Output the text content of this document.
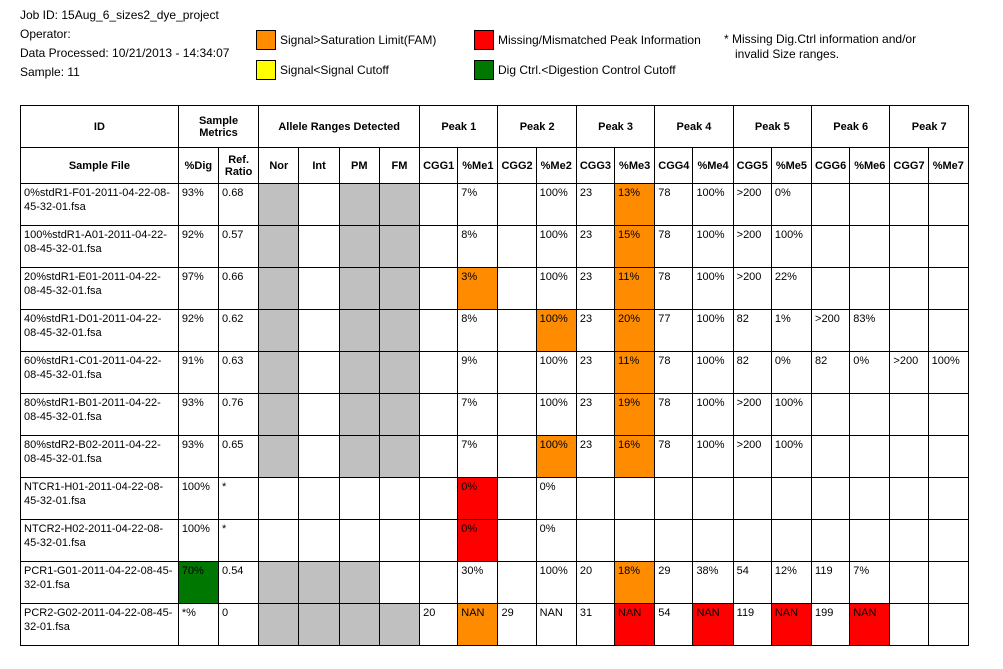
Job ID: 15Aug_6_sizes2_dye_project
Operator:
Data Processed: 10/21/2013 - 14:34:07
Sample: 11
Signal>Saturation Limit(FAM)
Signal<Signal Cutoff
Missing/Mismatched Peak Information
Dig Ctrl.<Digestion Control Cutoff
* Missing Dig.Ctrl information and/or
invalid Size ranges.
ID	Sample Metrics		Allele Ranges Detected				Peak 1		Peak 2		Peak 3		Peak 4		Peak 5		Peak 6		Peak 7	
Sample File	%Dig	Ref. Ratio	Nor	Int	PM	FM	CGG1	%Me1	CGG2	%Me2	CGG3	%Me3	CGG4	%Me4	CGG5	%Me5	CGG6	%Me6	CGG7	%Me7
0%stdR1-F01-2011-04-22-08-45-32-01.fsa	93%	0.68						7%		100%	23	13%	78	100%	>200	0%				
100%stdR1-A01-2011-04-22-08-45-32-01.fsa	92%	0.57						8%		100%	23	15%	78	100%	>200	100%				
20%stdR1-E01-2011-04-22-08-45-32-01.fsa	97%	0.66						3%		100%	23	11%	78	100%	>200	22%				
40%stdR1-D01-2011-04-22-08-45-32-01.fsa	92%	0.62						8%		100%	23	20%	77	100%	82	1%	>200	83%		
60%stdR1-C01-2011-04-22-08-45-32-01.fsa	91%	0.63						9%		100%	23	11%	78	100%	82	0%	82	0%	>200	100%
80%stdR1-B01-2011-04-22-08-45-32-01.fsa	93%	0.76						7%		100%	23	19%	78	100%	>200	100%				
80%stdR2-B02-2011-04-22-08-45-32-01.fsa	93%	0.65						7%		100%	23	16%	78	100%	>200	100%				
NTCR1-H01-2011-04-22-08-45-32-01.fsa	100%	*						0%		0%										
NTCR2-H02-2011-04-22-08-45-32-01.fsa	100%	*						0%		0%										
PCR1-G01-2011-04-22-08-45-32-01.fsa	70%	0.54						30%		100%	20	18%	29	38%	54	12%	119	7%		
PCR2-G02-2011-04-22-08-45-32-01.fsa	*%	0					20	NAN	29	NAN	31	NAN	54	NAN	119	NAN	199	NAN		
